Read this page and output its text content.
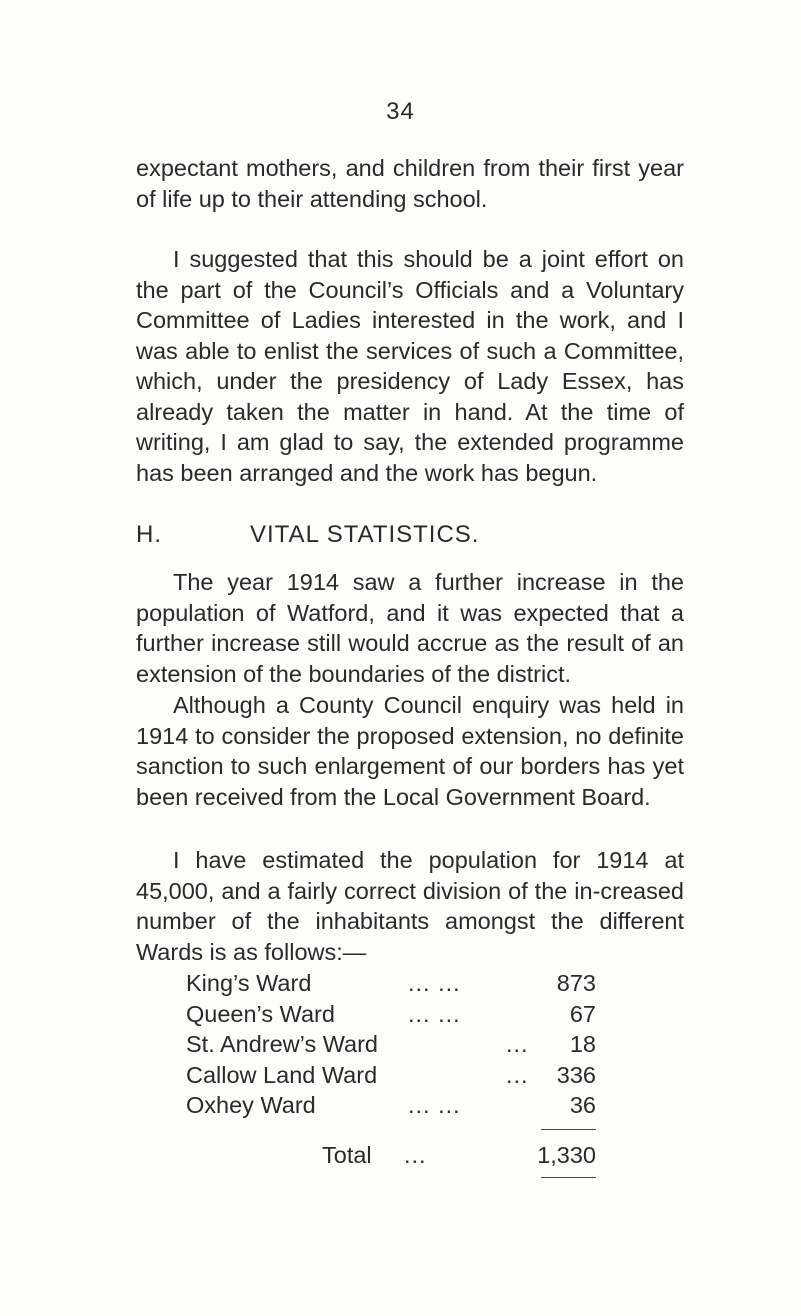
34

expectant mothers, and children from their first year of life up to their attending school.

I suggested that this should be a joint effort on the part of the Council’s Officials and a Voluntary Committee of Ladies interested in the work, and I was able to enlist the services of such a Committee, which, under the presidency of Lady Essex, has already taken the matter in hand. At the time of writing, I am glad to say, the extended programme has been arranged and the work has begun.

H.	VITAL STATISTICS.

The year 1914 saw a further increase in the population of Watford, and it was expected that a further increase still would accrue as the result of an extension of the boundaries of the district.

Although a County Council enquiry was held in 1914 to consider the proposed extension, no definite sanction to such enlargement of our borders has yet been received from the Local Government Board.

I have estimated the population for 1914 at 45,000, and a fairly correct division of the in-creased number of the inhabitants amongst the different Wards is as follows:—

King’s Ward	... ...	873
Queen’s Ward	... ...	67
St. Andrew’s Ward	... 18
Callow Land Ward	... 336
Oxhey Ward	... ...	36
Total ...	1,330
